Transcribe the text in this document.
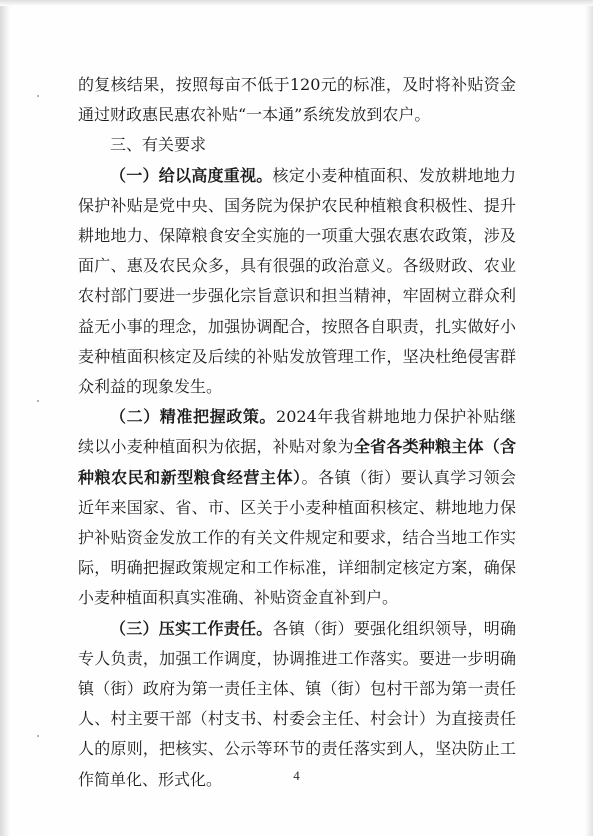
的复核结果，按照每亩不低于120元的标准，及时将补贴资金通过财政惠民惠农补贴“一本通”系统发放到农户。

三、有关要求

（一）给以高度重视。核定小麦种植面积、发放耕地地力保护补贴是党中央、国务院为保护农民种植粮食积极性、提升耕地地力、保障粮食安全实施的一项重大强农惠农政策，涉及面广、惠及农民众多，具有很强的政治意义。各级财政、农业农村部门要进一步强化宗旨意识和担当精神，牢固树立群众利益无小事的理念，加强协调配合，按照各自职责，扎实做好小麦种植面积核定及后续的补贴发放管理工作，坚决杜绝侵害群众利益的现象发生。

（二）精准把握政策。2024年我省耕地地力保护补贴继续以小麦种植面积为依据，补贴对象为全省各类种粮主体（含种粮农民和新型粮食经营主体）。各镇（街）要认真学习领会近年来国家、省、市、区关于小麦种植面积核定、耕地地力保护补贴资金发放工作的有关文件规定和要求，结合当地工作实际，明确把握政策规定和工作标准，详细制定核定方案，确保小麦种植面积真实准确、补贴资金直补到户。

（三）压实工作责任。各镇（街）要强化组织领导，明确专人负责，加强工作调度，协调推进工作落实。要进一步明确镇（街）政府为第一责任主体、镇（街）包村干部为第一责任人、村主要干部（村支书、村委会主任、村会计）为直接责任人的原则，把核实、公示等环节的责任落实到人，坚决防止工作简单化、形式化。	4
